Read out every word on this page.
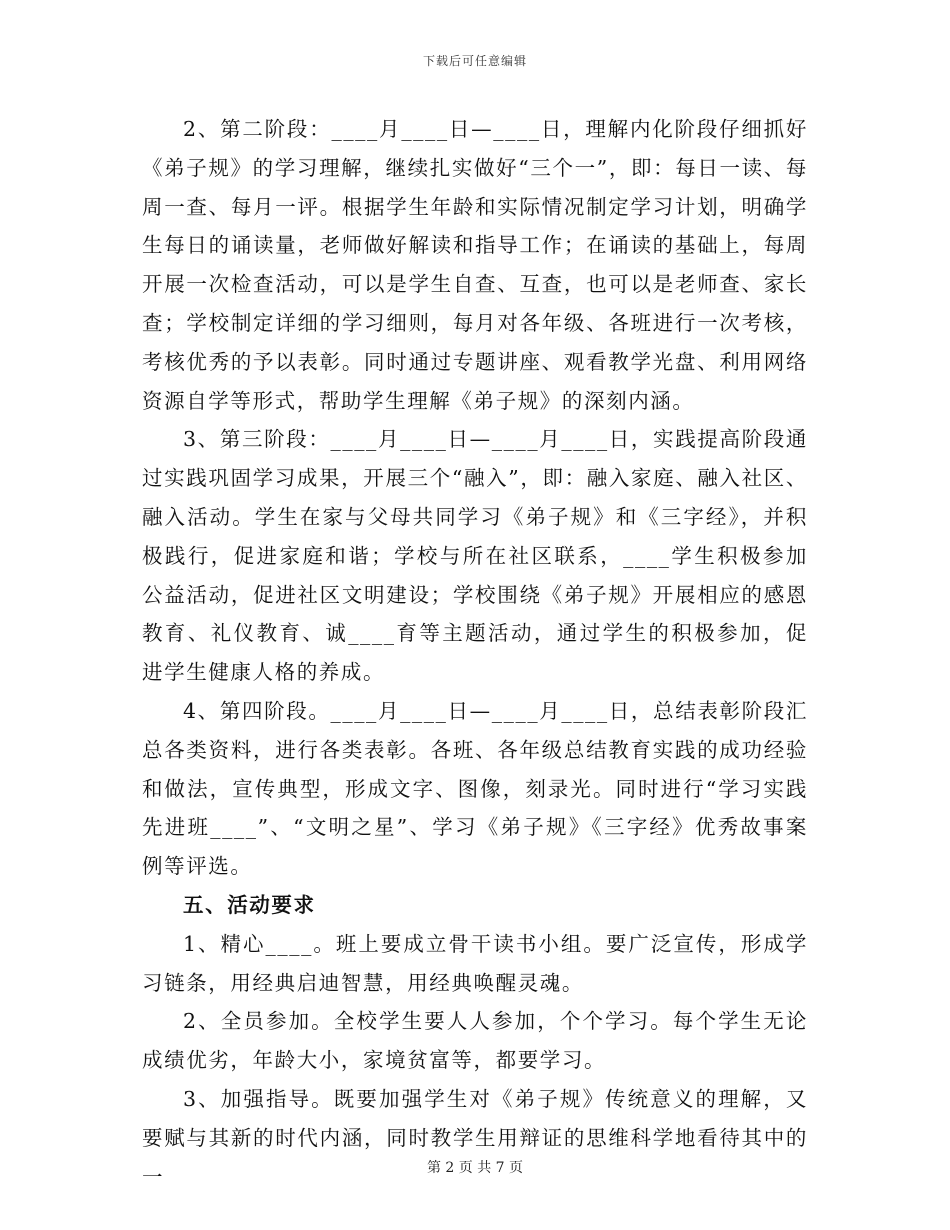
下载后可任意编辑

2、第二阶段：____月____日—____日，理解内化阶段仔细抓好《弟子规》的学习理解，继续扎实做好“三个一”，即：每日一读、每周一查、每月一评。根据学生年龄和实际情况制定学习计划，明确学生每日的诵读量，老师做好解读和指导工作；在诵读的基础上，每周开展一次检查活动，可以是学生自查、互查，也可以是老师查、家长查；学校制定详细的学习细则，每月对各年级、各班进行一次考核，考核优秀的予以表彰。同时通过专题讲座、观看教学光盘、利用网络资源自学等形式，帮助学生理解《弟子规》的深刻内涵。

3、第三阶段：____月____日—____月____日，实践提高阶段通过实践巩固学习成果，开展三个“融入”，即：融入家庭、融入社区、融入活动。学生在家与父母共同学习《弟子规》和《三字经》，并积极践行，促进家庭和谐；学校与所在社区联系，____学生积极参加公益活动，促进社区文明建设；学校围绕《弟子规》开展相应的感恩教育、礼仪教育、诚____育等主题活动，通过学生的积极参加，促进学生健康人格的养成。

4、第四阶段。____月____日—____月____日，总结表彰阶段汇总各类资料，进行各类表彰。各班、各年级总结教育实践的成功经验和做法，宣传典型，形成文字、图像，刻录光。同时进行“学习实践先进班____”、“文明之星”、学习《弟子规》《三字经》优秀故事案例等评选。

五、活动要求

1、精心____。班上要成立骨干读书小组。要广泛宣传，形成学习链条，用经典启迪智慧，用经典唤醒灵魂。

2、全员参加。全校学生要人人参加，个个学习。每个学生无论成绩优劣，年龄大小，家境贫富等，都要学习。

3、加强指导。既要加强学生对《弟子规》传统意义的理解，又要赋与其新的时代内涵，同时教学生用辩证的思维科学地看待其中的一	第 2 页 共 7 页
